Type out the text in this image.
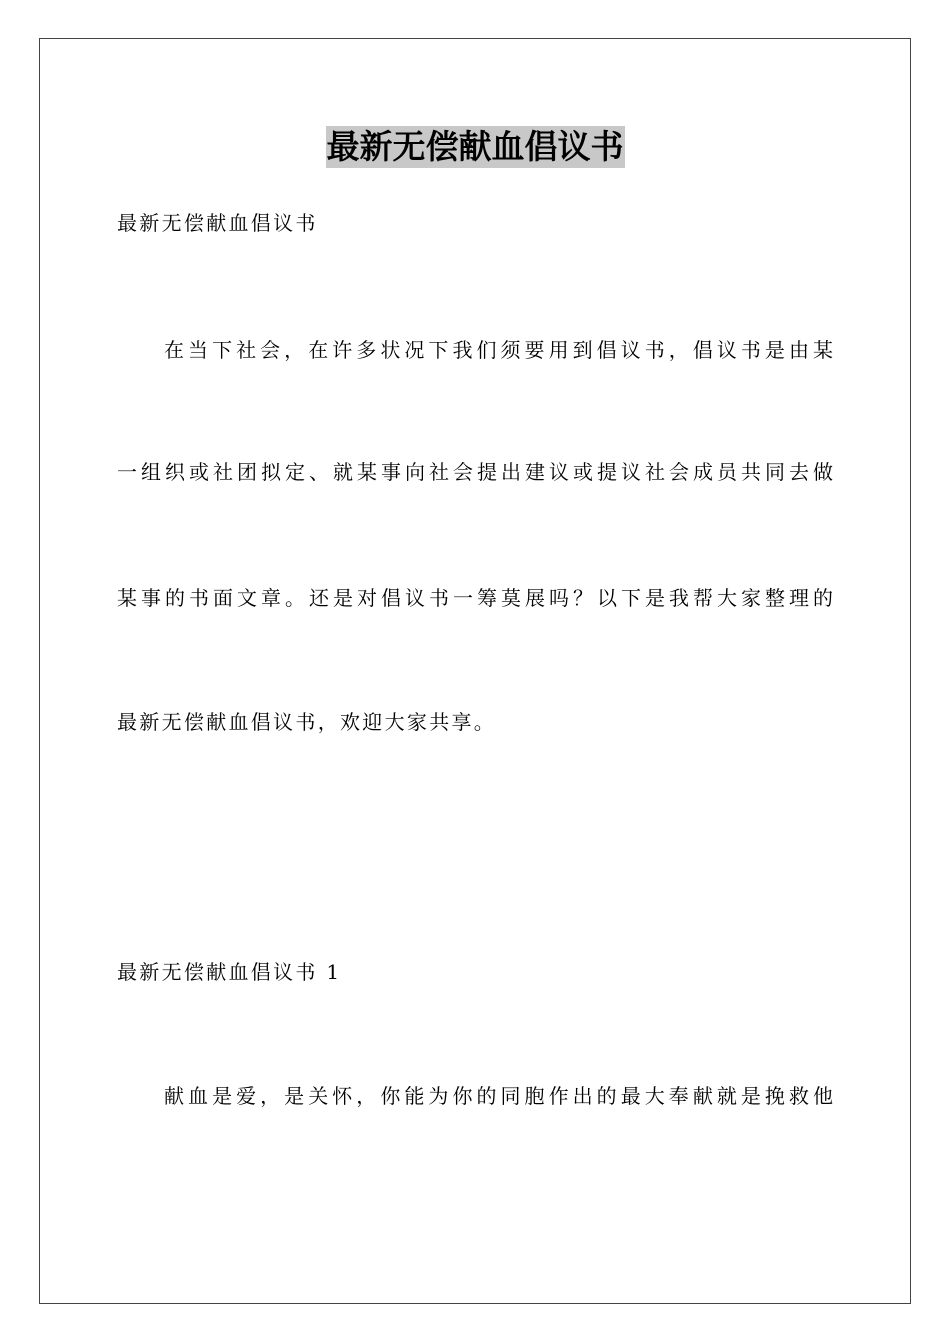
最新无偿献血倡议书
最新无偿献血倡议书
在当下社会，在许多状况下我们须要用到倡议书，倡议书是由某
一组织或社团拟定、就某事向社会提出建议或提议社会成员共同去做
某事的书面文章。还是对倡议书一筹莫展吗？以下是我帮大家整理的
最新无偿献血倡议书，欢迎大家共享。
最新无偿献血倡议书 1
献血是爱，是关怀，你能为你的同胞作出的最大奉献就是挽救他
